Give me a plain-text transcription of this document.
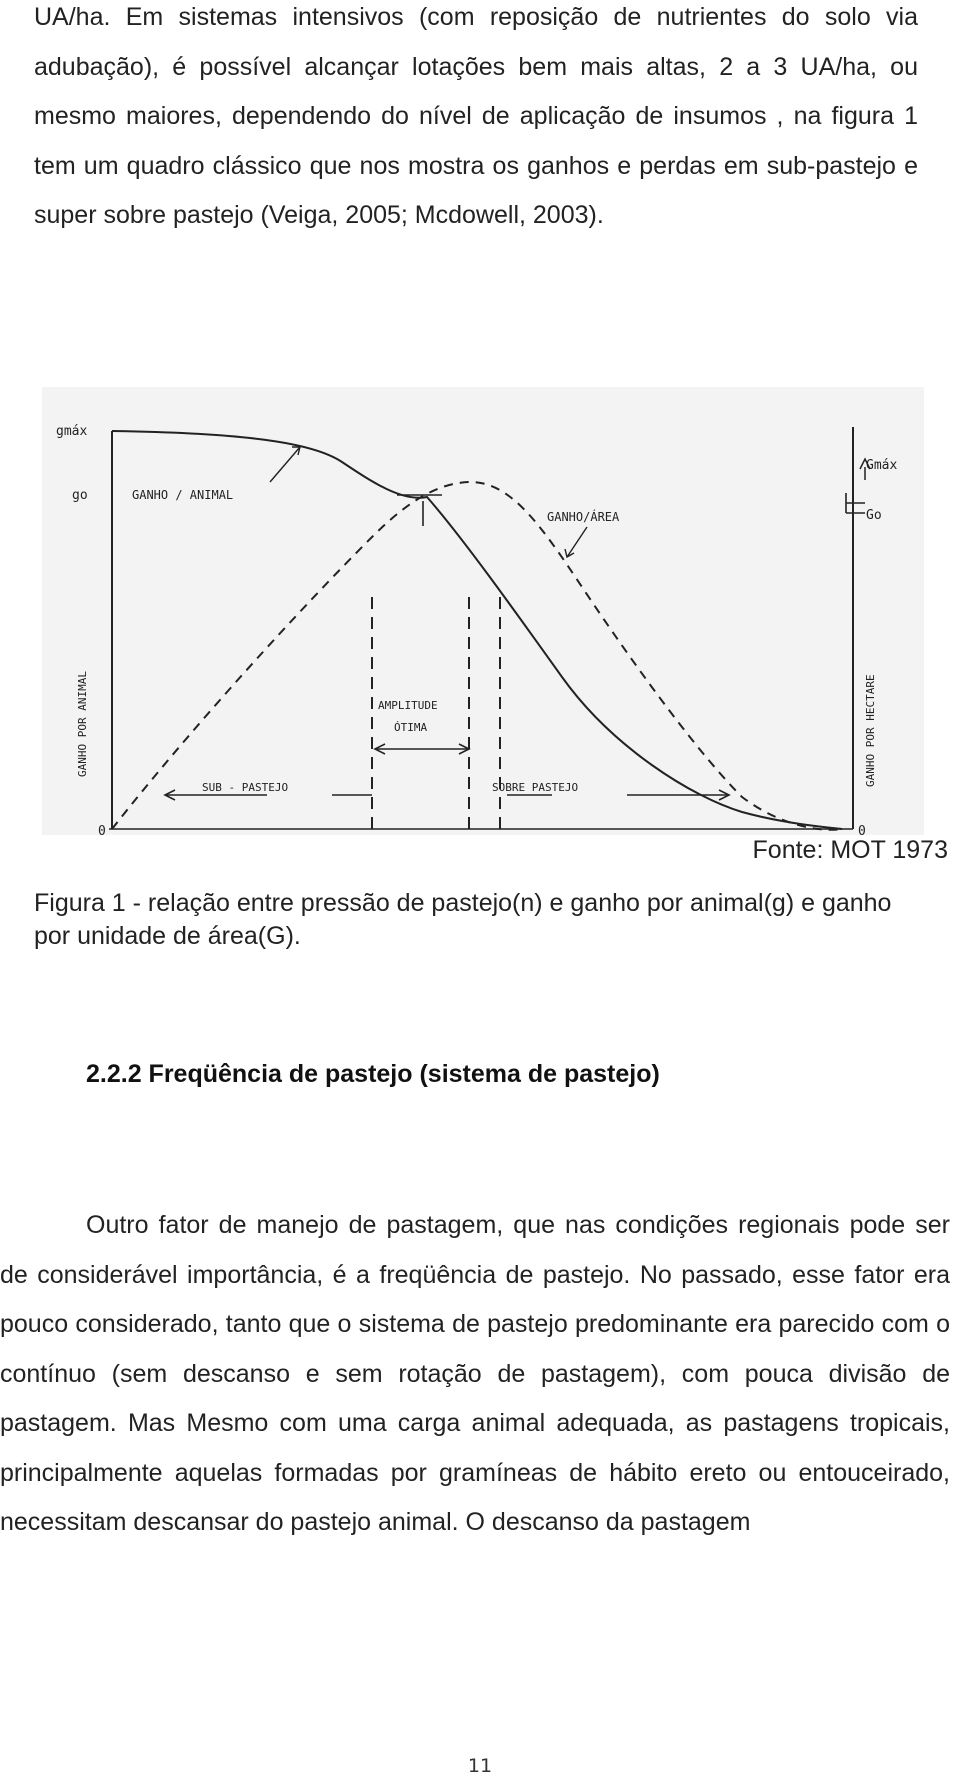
UA/ha. Em sistemas intensivos (com reposição de nutrientes do solo via adubação), é possível alcançar lotações bem mais altas, 2 a 3 UA/ha, ou mesmo maiores, dependendo do nível de aplicação de insumos , na figura 1 tem um quadro clássico que nos mostra os ganhos e perdas em sub-pastejo e super sobre pastejo (Veiga, 2005; Mcdowell, 2003).

gmáx
go
0
Gmáx
Go
0
GANHO / ANIMAL
GANHO/ÁREA
AMPLITUDE
ÓTIMA
SUB - PASTEJO	SOBRE PASTEJO
GANHO POR ANIMAL	GANHO POR HECTARE

Fonte: MOT 1973

Figura 1 - relação entre pressão de pastejo(n) e ganho por animal(g) e ganho por unidade de área(G).

2.2.2 Freqüência de pastejo (sistema de pastejo)

Outro fator de manejo de pastagem, que nas condições regionais pode ser de considerável importância, é a freqüência de pastejo. No passado, esse fator era pouco considerado, tanto que o sistema de pastejo predominante era parecido com o contínuo (sem descanso e sem rotação de pastagem), com pouca divisão de pastagem. Mas Mesmo com uma carga animal adequada, as pastagens tropicais, principalmente aquelas formadas por gramíneas de hábito ereto ou entouceirado, necessitam descansar do pastejo animal. O descanso da pastagem

11
